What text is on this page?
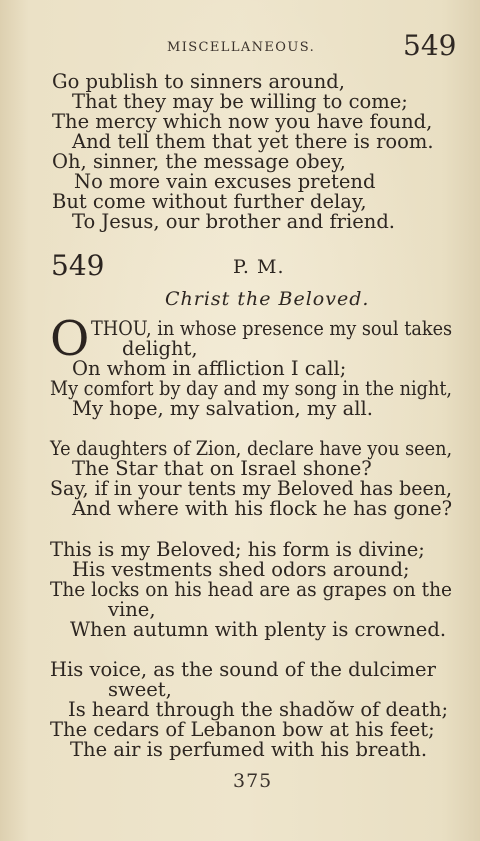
MISCELLANEOUS.	549
Go publish to sinners around,
That they may be willing to come;
The mercy which now you have found,
And tell them that yet there is room.
Oh, sinner, the message obey,
No more vain excuses pretend
But come without further delay,
To Jesus, our brother and friend.
549	P. M.
Christ the Beloved.
O THOU, in whose presence my soul takes
delight,
On whom in affliction I call;
My comfort by day and my song in the night,
My hope, my salvation, my all.
Ye daughters of Zion, declare have you seen,
The Star that on Israel shone?
Say, if in your tents my Beloved has been,
And where with his flock he has gone?
This is my Beloved; his form is divine;
His vestments shed odors around;
The locks on his head are as grapes on the
vine,
When autumn with plenty is crowned.
His voice, as the sound of the dulcimer
sweet,
Is heard through the shadŏw of death;
The cedars of Lebanon bow at his feet;
The air is perfumed with his breath.
375
